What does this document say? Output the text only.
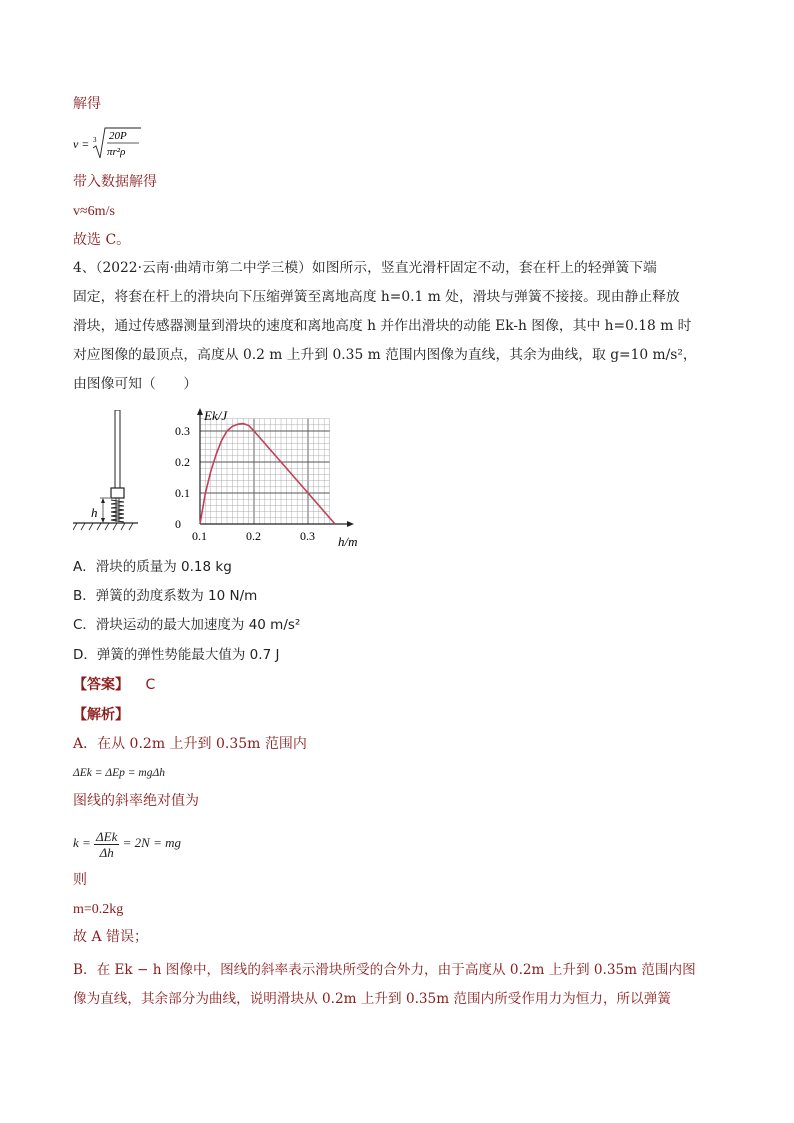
解得
v = 3 20P
πr²ρ
带入数据解得
v≈6m/s
故选 C。
4、（2022·云南·曲靖市第二中学三模）如图所示，竖直光滑杆固定不动，套在杆上的轻弹簧下端
固定，将套在杆上的滑块向下压缩弹簧至离地高度 h=0.1 m 处，滑块与弹簧不接接。现由静止释放
滑块，通过传感器测量到滑块的速度和离地高度 h 并作出滑块的动能 Ek-h 图像，其中 h=0.18 m 时
对应图像的最顶点，高度从 0.2 m 上升到 0.35 m 范围内图像为直线，其余为曲线，取 g=10 m/s²，
由图像可知（　　）
h
0.3
0.2
0.1
0
0.1	0.2	0.3
Ek/J
h/m
A．滑块的质量为 0.18 kg
B．弹簧的劲度系数为 10 N/m
C．滑块运动的最大加速度为 40 m/s²
D．弹簧的弹性势能最大值为 0.7 J
【答案】 C
【解析】
A．在从 0.2m 上升到 0.35m 范围内
ΔEk = ΔEp = mgΔh
图线的斜率绝对值为
$k = \frac{\text{ΔEk}}{\Delta h} = 2N$ = mg
则
m=0.2kg
故 A 错误；
B．在 Ek − h 图像中，图线的斜率表示滑块所受的合外力，由于高度从 0.2m 上升到 0.35m 范围内图
像为直线，其余部分为曲线，说明滑块从 0.2m 上升到 0.35m 范围内所受作用力为恒力，所以弹簧
